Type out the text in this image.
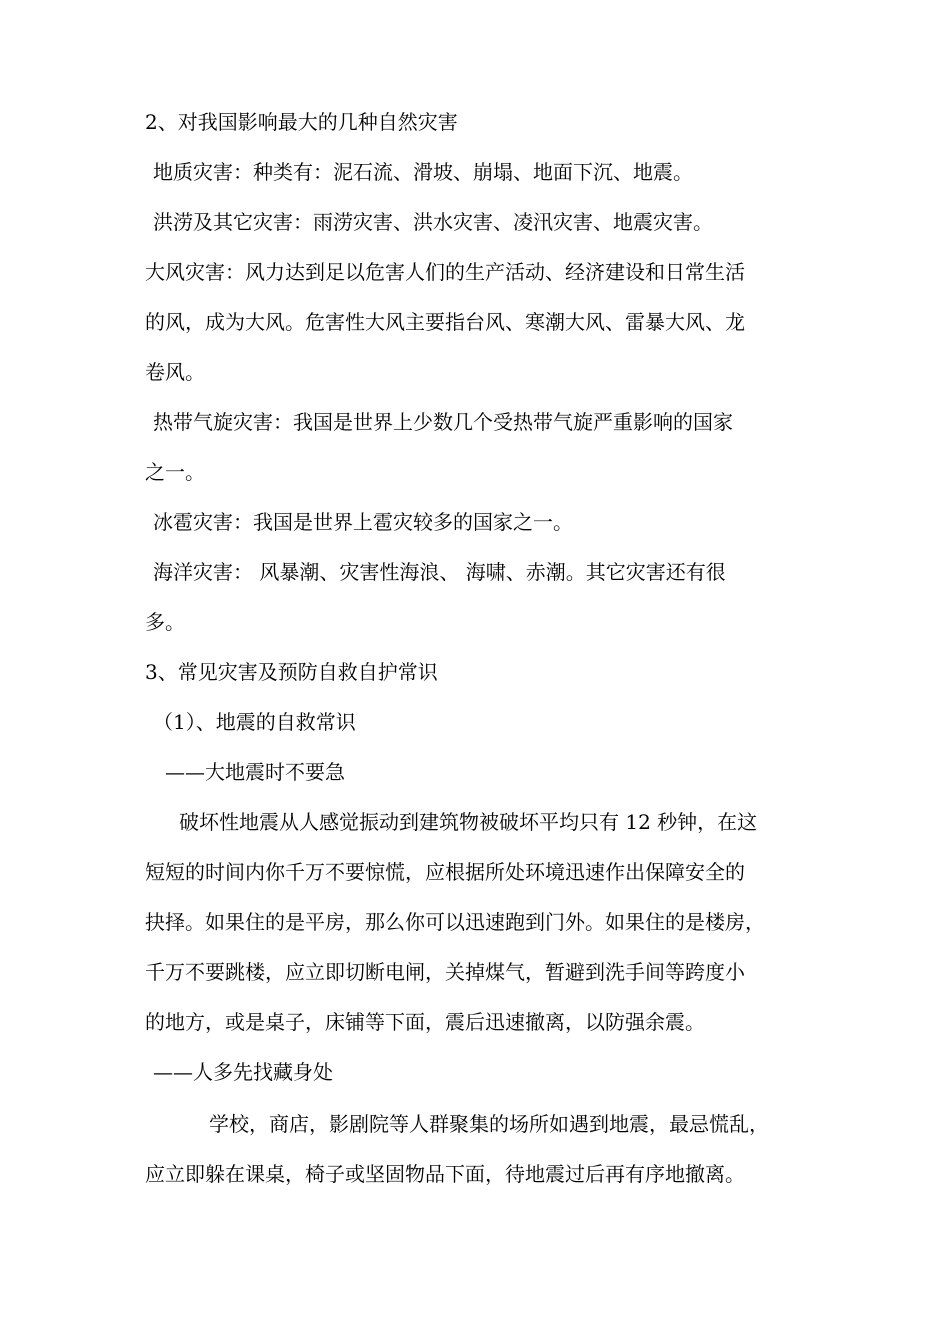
2、对我国影响最大的几种自然灾害
地质灾害：种类有：泥石流、滑坡、崩塌、地面下沉、地震。
洪涝及其它灾害：雨涝灾害、洪水灾害、凌汛灾害、地震灾害。
大风灾害：风力达到足以危害人们的生产活动、经济建设和日常生活
的风，成为大风。危害性大风主要指台风、寒潮大风、雷暴大风、龙
卷风。
热带气旋灾害：我国是世界上少数几个受热带气旋严重影响的国家
之一。
冰雹灾害：我国是世界上雹灾较多的国家之一。
海洋灾害： 风暴潮、灾害性海浪、 海啸、赤潮。其它灾害还有很
多。
3、常见灾害及预防自救自护常识
（1）、地震的自救常识
——大地震时不要急
破坏性地震从人感觉振动到建筑物被破坏平均只有 12 秒钟，在这
短短的时间内你千万不要惊慌，应根据所处环境迅速作出保障安全的
抉择。如果住的是平房，那么你可以迅速跑到门外。如果住的是楼房，
千万不要跳楼，应立即切断电闸，关掉煤气，暂避到洗手间等跨度小
的地方，或是桌子，床铺等下面，震后迅速撤离，以防强余震。
——人多先找藏身处
学校，商店，影剧院等人群聚集的场所如遇到地震，最忌慌乱，
应立即躲在课桌，椅子或坚固物品下面，待地震过后再有序地撤离。
